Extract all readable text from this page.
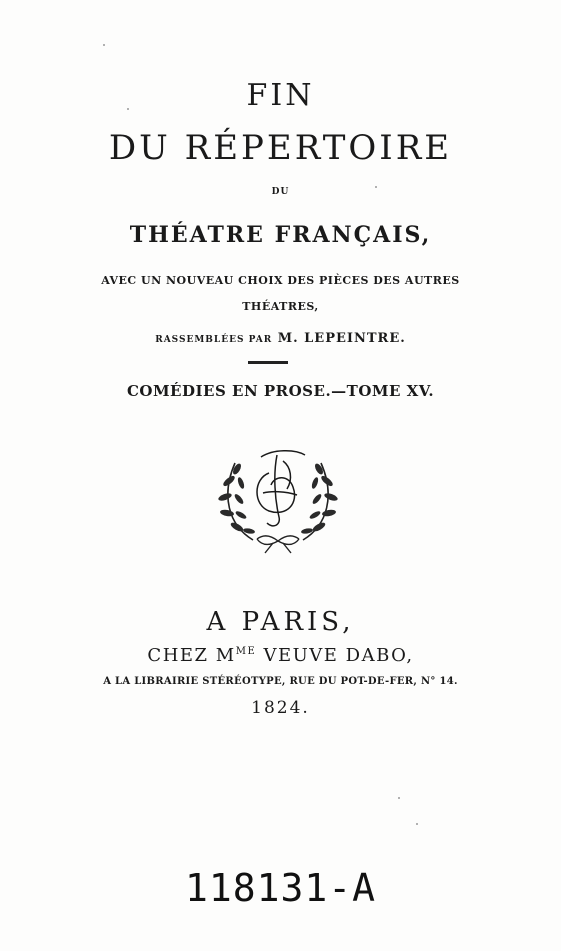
FIN
DU RÉPERTOIRE
DU
THÉATRE FRANÇAIS,
AVEC UN NOUVEAU CHOIX DES PIÈCES DES AUTRES
THÉATRES,
RASSEMBLÉES PAR M. LEPEINTRE.
COMÉDIES EN PROSE.—TOME XV.
A PARIS,
CHEZ $M^{ME}$ VEUVE DABO,
A LA LIBRAIRIE STÉRÉOTYPE, RUE DU POT-DE-FER, N° 14.
1824.
118131-A
